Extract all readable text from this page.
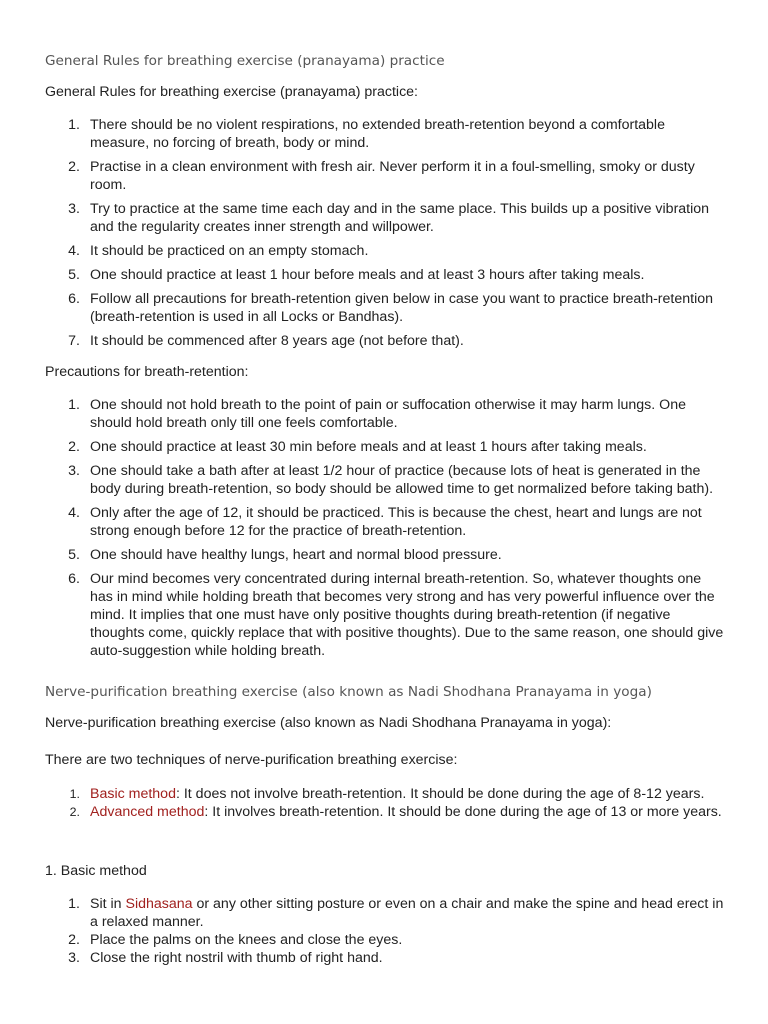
General Rules for breathing exercise (pranayama) practice
General Rules for breathing exercise (pranayama) practice:
1. There should be no violent respirations, no extended breath-retention beyond a comfortable measure, no forcing of breath, body or mind.
2. Practise in a clean environment with fresh air. Never perform it in a foul-smelling, smoky or dusty room.
3. Try to practice at the same time each day and in the same place. This builds up a positive vibration and the regularity creates inner strength and willpower.
4. It should be practiced on an empty stomach.
5. One should practice at least 1 hour before meals and at least 3 hours after taking meals.
6. Follow all precautions for breath-retention given below in case you want to practice breath-retention (breath-retention is used in all Locks or Bandhas).
7. It should be commenced after 8 years age (not before that).
Precautions for breath-retention:
1. One should not hold breath to the point of pain or suffocation otherwise it may harm lungs. One should hold breath only till one feels comfortable.
2. One should practice at least 30 min before meals and at least 1 hours after taking meals.
3. One should take a bath after at least 1/2 hour of practice (because lots of heat is generated in the body during breath-retention, so body should be allowed time to get normalized before taking bath).
4. Only after the age of 12, it should be practiced. This is because the chest, heart and lungs are not strong enough before 12 for the practice of breath-retention.
5. One should have healthy lungs, heart and normal blood pressure.
6. Our mind becomes very concentrated during internal breath-retention. So, whatever thoughts one has in mind while holding breath that becomes very strong and has very powerful influence over the mind. It implies that one must have only positive thoughts during breath-retention (if negative thoughts come, quickly replace that with positive thoughts). Due to the same reason, one should give auto-suggestion while holding breath.
Nerve-purification breathing exercise (also known as Nadi Shodhana Pranayama in yoga)
Nerve-purification breathing exercise (also known as Nadi Shodhana Pranayama in yoga):
There are two techniques of nerve-purification breathing exercise:
1. Basic method: It does not involve breath-retention. It should be done during the age of 8-12 years.
2. Advanced method: It involves breath-retention. It should be done during the age of 13 or more years.
1. Basic method
1. Sit in Sidhasana or any other sitting posture or even on a chair and make the spine and head erect in a relaxed manner.
2. Place the palms on the knees and close the eyes.
3. Close the right nostril with thumb of right hand.
